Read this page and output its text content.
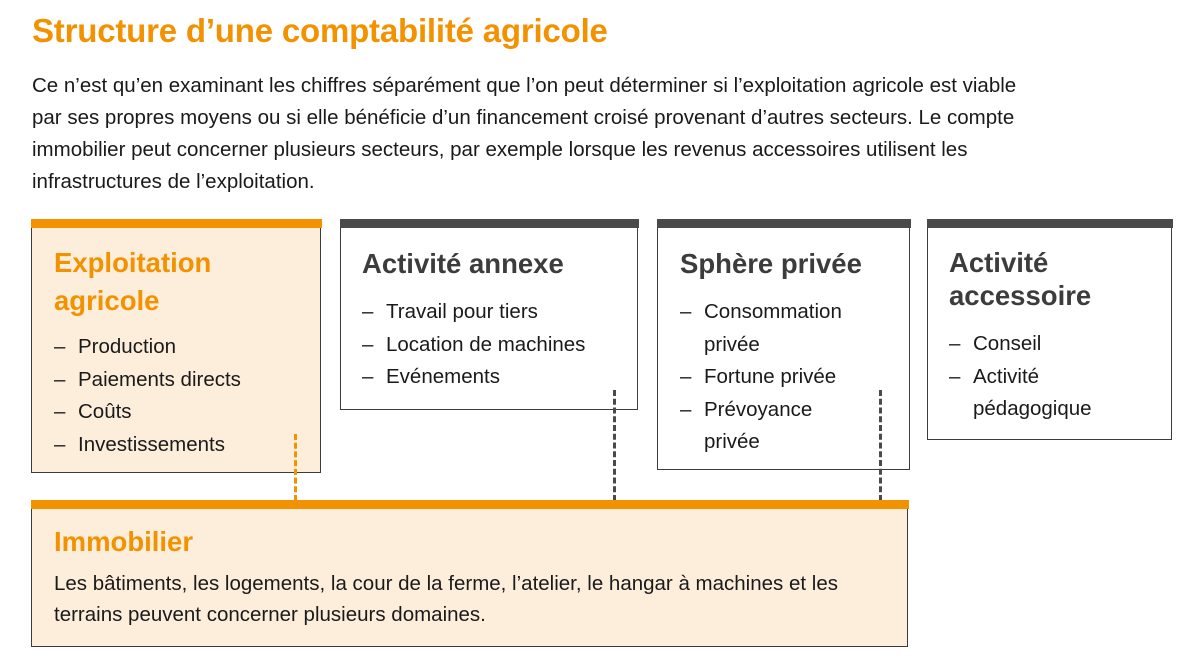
Structure d’une comptabilité agricole

Ce n’est qu’en examinant les chiffres séparément que l’on peut déterminer si l’exploitation agricole est viable par ses propres moyens ou si elle bénéficie d’un financement croisé provenant d’autres secteurs. Le compte immobilier peut concerner plusieurs secteurs, par exemple lorsque les revenus accessoires utilisent les infrastructures de l’exploitation.

Exploitation agricole
– Production
– Paiements directs
– Coûts
– Investissements
Activité annexe
– Travail pour tiers
– Location de machines
– Evénements
Sphère privée
– Consommation privée
– Fortune privée
– Prévoyance privée
Activité accessoire
– Conseil
– Activité pédagogique
Immobilier

Les bâtiments, les logements, la cour de la ferme, l’atelier, le hangar à machines et les terrains peuvent concerner plusieurs domaines.
